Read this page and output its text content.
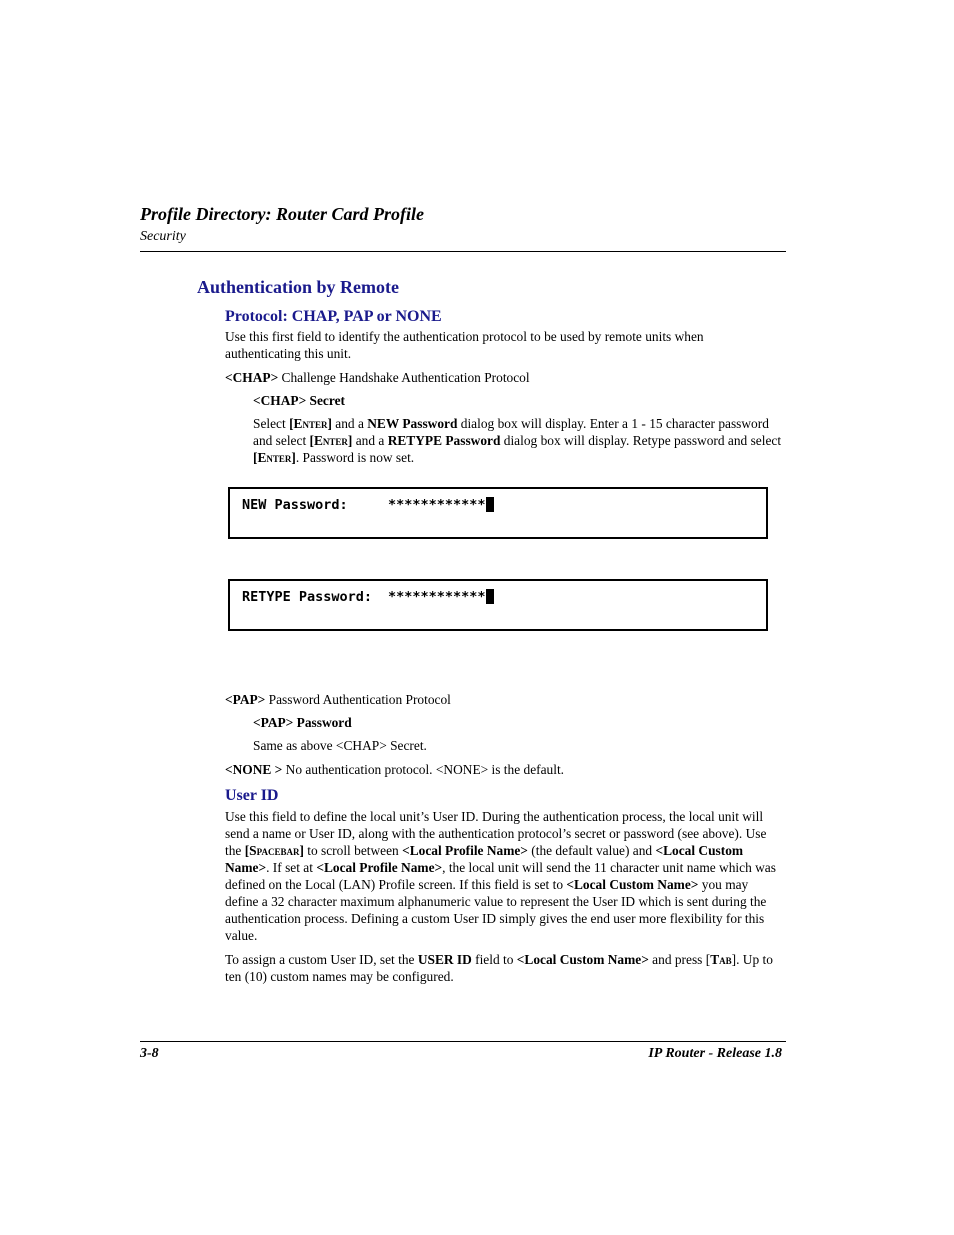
Profile Directory: Router Card Profile
Security
Authentication by Remote
Protocol: CHAP, PAP or NONE
Use this first field to identify the authentication protocol to be used by remote units when authenticating this unit.
<CHAP> Challenge Handshake Authentication Protocol
<CHAP> Secret
Select [Enter] and a NEW Password dialog box will display. Enter a 1 - 15 character password and select [Enter] and a RETYPE Password dialog box will display. Retype password and select [Enter]. Password is now set.
NEW Password:	************
RETYPE Password: ************
<PAP> Password Authentication Protocol
<PAP> Password
Same as above <CHAP> Secret.
<NONE > No authentication protocol. <NONE> is the default.
User ID
Use this field to define the local unit’s User ID. During the authentication process, the local unit will send a name or User ID, along with the authentication protocol’s secret or password (see above). Use the [Spacebar] to scroll between <Local Profile Name> (the default value) and <Local Custom Name>. If set at <Local Profile Name>, the local unit will send the 11 character unit name which was defined on the Local (LAN) Profile screen. If this field is set to <Local Custom Name> you may define a 32 character maximum alphanumeric value to represent the User ID which is sent during the authentication process. Defining a custom User ID simply gives the end user more flexibility for this value.
To assign a custom User ID, set the USER ID field to <Local Custom Name> and press [Tab]. Up to ten (10) custom names may be configured.
3-8	IP Router - Release 1.8
